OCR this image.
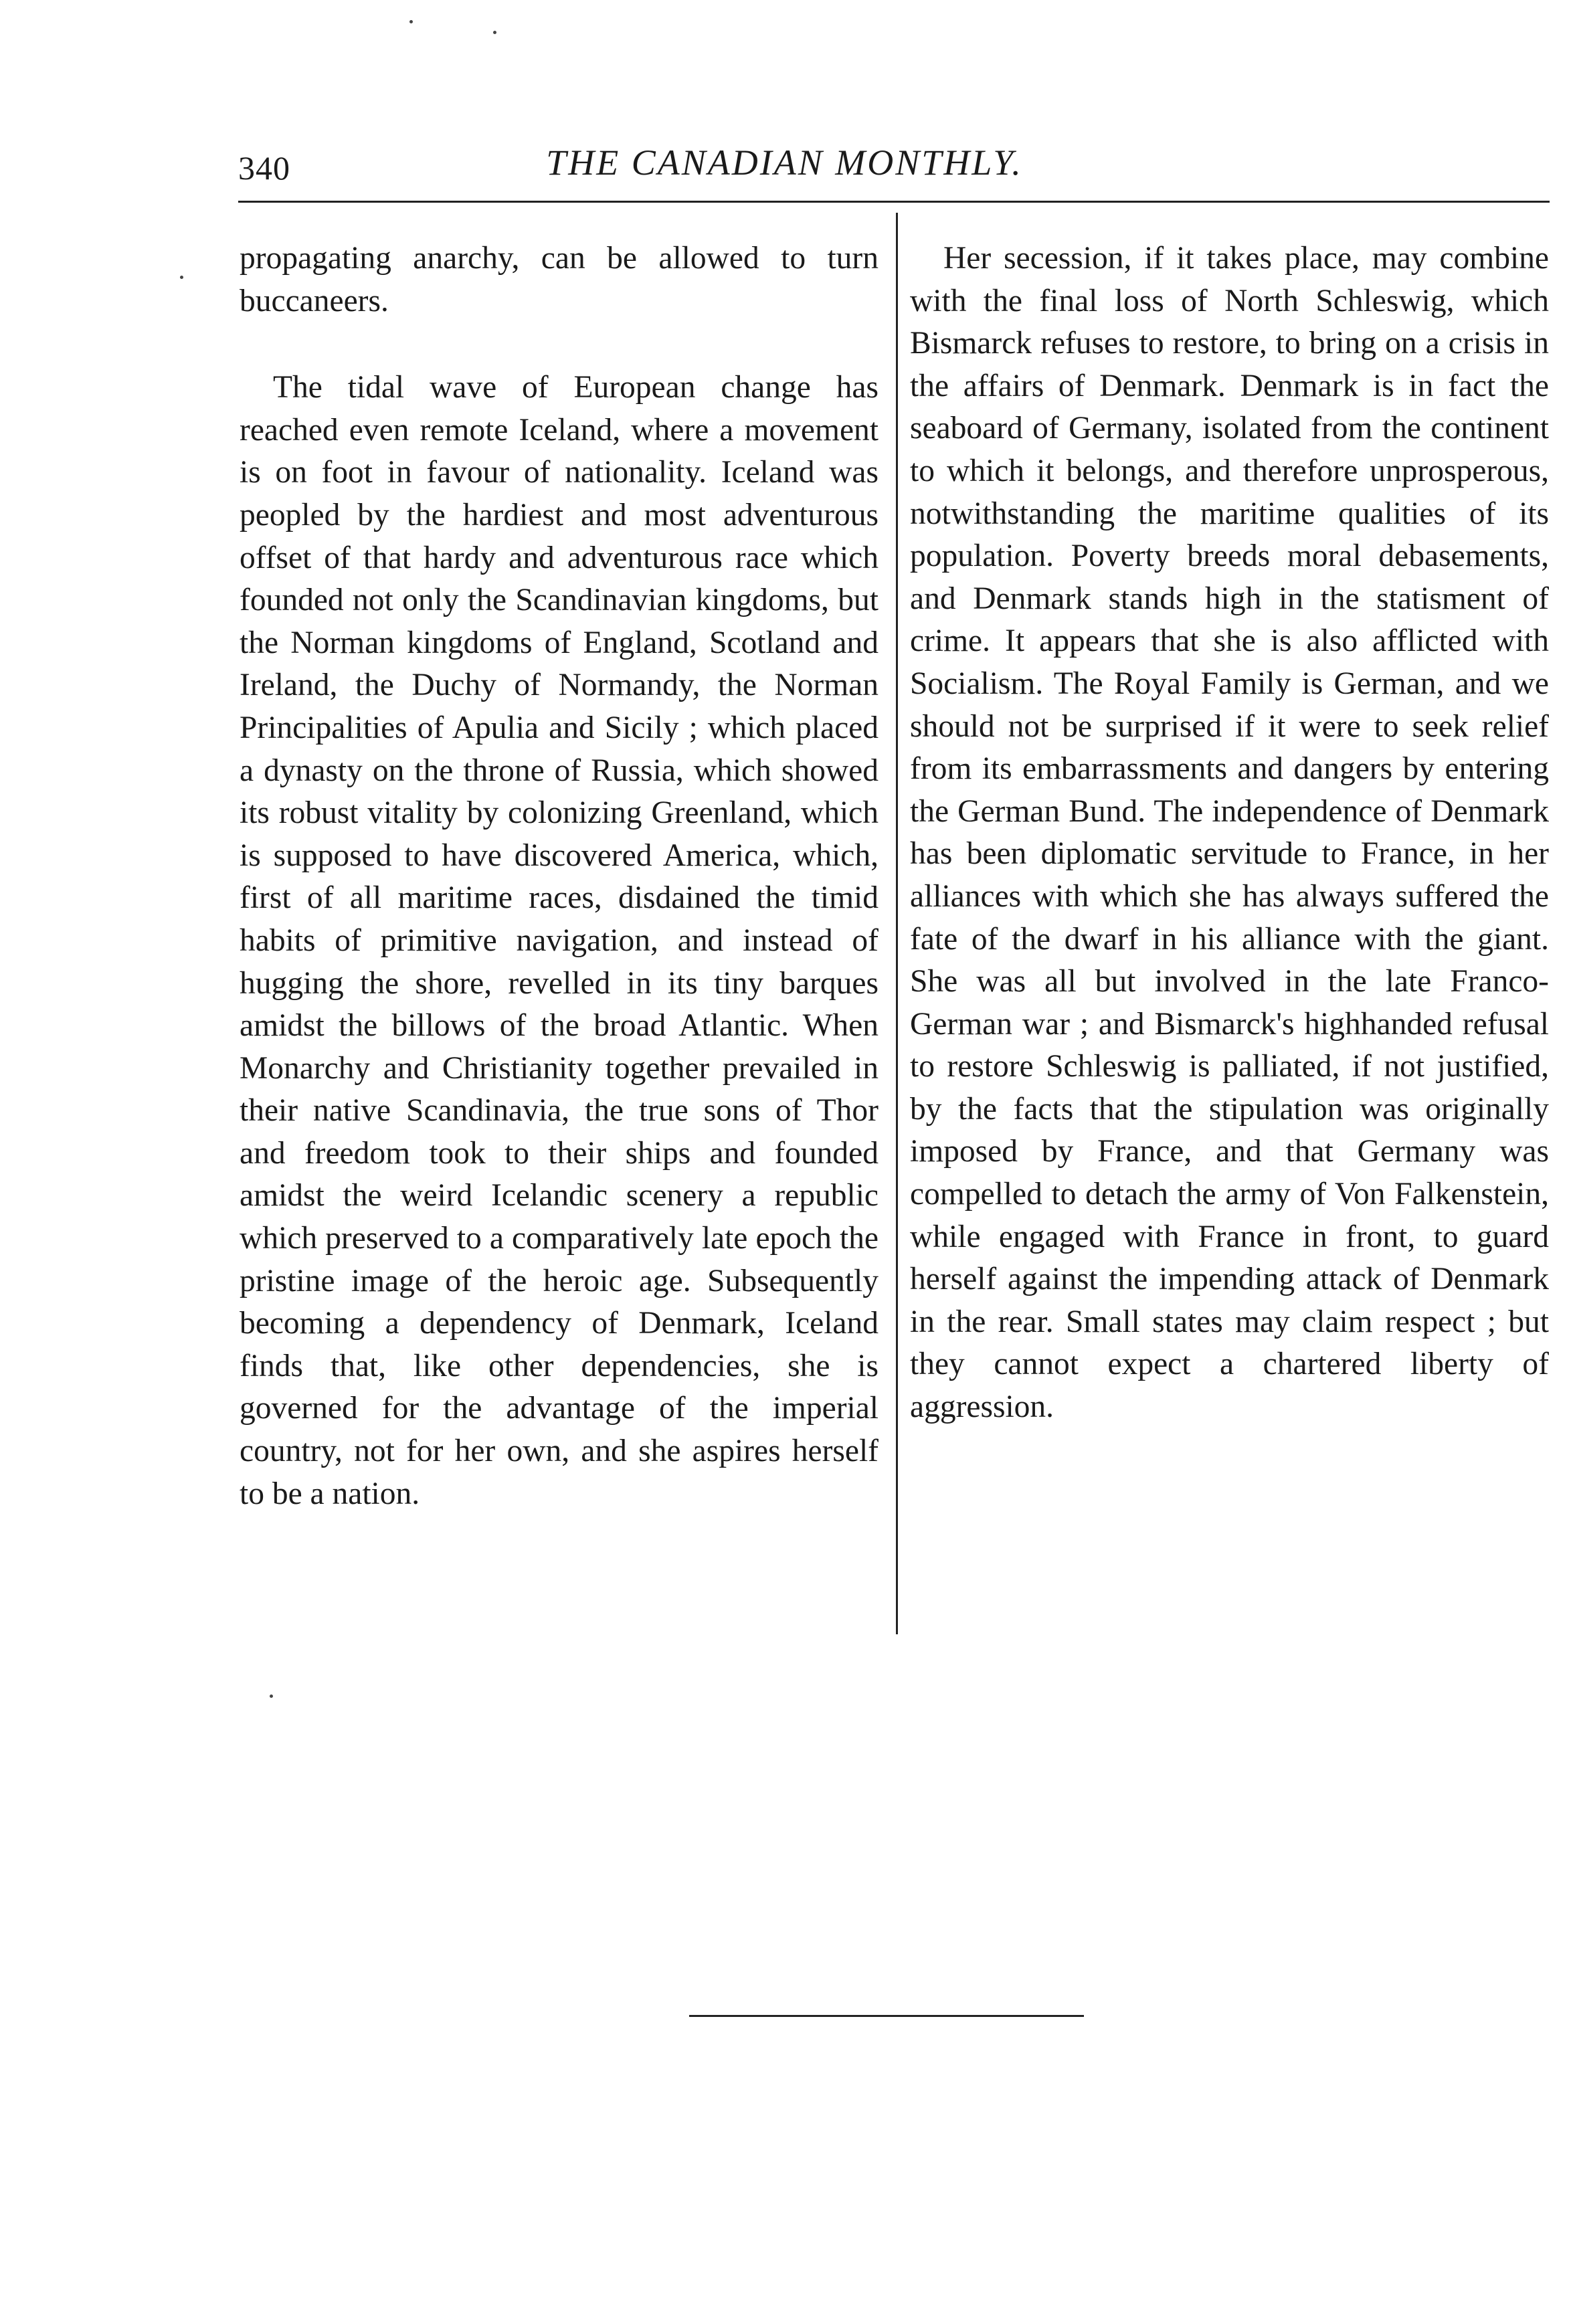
340	THE CANADIAN MONTHLY.

propagating anarchy, can be allowed to turn buccaneers.

The tidal wave of European change has reached even remote Iceland, where a movement is on foot in favour of nationality. Iceland was peopled by the hardiest and most adventurous offset of that hardy and adventurous race which founded not only the Scandinavian kingdoms, but the Norman kingdoms of England, Scotland and Ireland, the Duchy of Normandy, the Norman Principalities of Apulia and Sicily ; which placed a dynasty on the throne of Russia, which showed its robust vitality by colonizing Greenland, which is supposed to have discovered America, which, first of all maritime races, disdained the timid habits of primitive navigation, and instead of hugging the shore, revelled in its tiny barques amidst the billows of the broad Atlantic. When Monarchy and Christianity together prevailed in their native Scandinavia, the true sons of Thor and freedom took to their ships and founded amidst the weird Icelandic scenery a republic which preserved to a comparatively late epoch the pristine image of the heroic age. Subsequently becoming a dependency of Denmark, Iceland finds that, like other dependencies, she is governed for the advantage of the imperial country, not for her own, and she aspires herself to be a nation.

Her secession, if it takes place, may combine with the final loss of North Schleswig, which Bismarck refuses to restore, to bring on a crisis in the affairs of Denmark. Denmark is in fact the seaboard of Germany, isolated from the continent to which it belongs, and therefore unprosperous, notwithstanding the maritime qualities of its population. Poverty breeds moral debasements, and Denmark stands high in the statisment of crime. It appears that she is also afflicted with Socialism. The Royal Family is German, and we should not be surprised if it were to seek relief from its embarrassments and dangers by entering the German Bund. The independence of Denmark has been diplomatic servitude to France, in her alliances with which she has always suffered the fate of the dwarf in his alliance with the giant. She was all but involved in the late Franco-German war ; and Bismarck's highhanded refusal to restore Schleswig is palliated, if not justified, by the facts that the stipulation was originally imposed by France, and that Germany was compelled to detach the army of Von Falkenstein, while engaged with France in front, to guard herself against the impending attack of Denmark in the rear. Small states may claim respect ; but they cannot expect a chartered liberty of aggression.
